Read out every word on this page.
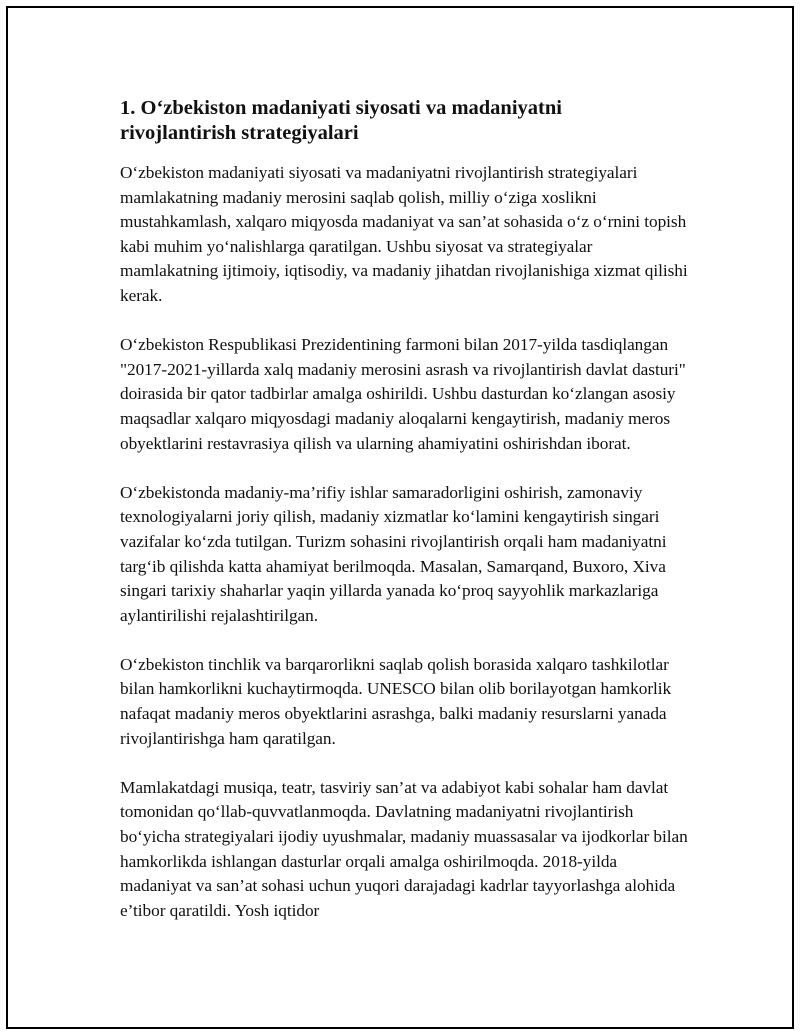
1. O‘zbekiston madaniyati siyosati va madaniyatni rivojlantirish strategiyalari

O‘zbekiston madaniyati siyosati va madaniyatni rivojlantirish strategiyalari mamlakatning madaniy merosini saqlab qolish, milliy o‘ziga xoslikni mustahkamlash, xalqaro miqyosda madaniyat va san’at sohasida o‘z o‘rnini topish kabi muhim yo‘nalishlarga qaratilgan. Ushbu siyosat va strategiyalar mamlakatning ijtimoiy, iqtisodiy, va madaniy jihatdan rivojlanishiga xizmat qilishi kerak.

O‘zbekiston Respublikasi Prezidentining farmoni bilan 2017-yilda tasdiqlangan "2017-2021-yillarda xalq madaniy merosini asrash va rivojlantirish davlat dasturi" doirasida bir qator tadbirlar amalga oshirildi. Ushbu dasturdan ko‘zlangan asosiy maqsadlar xalqaro miqyosdagi madaniy aloqalarni kengaytirish, madaniy meros obyektlarini restavrasiya qilish va ularning ahamiyatini oshirishdan iborat.

O‘zbekistonda madaniy-ma’rifiy ishlar samaradorligini oshirish, zamonaviy texnologiyalarni joriy qilish, madaniy xizmatlar ko‘lamini kengaytirish singari vazifalar ko‘zda tutilgan. Turizm sohasini rivojlantirish orqali ham madaniyatni targ‘ib qilishda katta ahamiyat berilmoqda. Masalan, Samarqand, Buxoro, Xiva singari tarixiy shaharlar yaqin yillarda yanada ko‘proq sayyohlik markazlariga aylantirilishi rejalashtirilgan.

O‘zbekiston tinchlik va barqarorlikni saqlab qolish borasida xalqaro tashkilotlar bilan hamkorlikni kuchaytirmoqda. UNESCO bilan olib borilayotgan hamkorlik nafaqat madaniy meros obyektlarini asrashga, balki madaniy resurslarni yanada rivojlantirishga ham qaratilgan.

Mamlakatdagi musiqa, teatr, tasviriy san’at va adabiyot kabi sohalar ham davlat tomonidan qo‘llab-quvvatlanmoqda. Davlatning madaniyatni rivojlantirish bo‘yicha strategiyalari ijodiy uyushmalar, madaniy muassasalar va ijodkorlar bilan hamkorlikda ishlangan dasturlar orqali amalga oshirilmoqda. 2018-yilda madaniyat va san’at sohasi uchun yuqori darajadagi kadrlar tayyorlashga alohida e’tibor qaratildi. Yosh iqtidor
